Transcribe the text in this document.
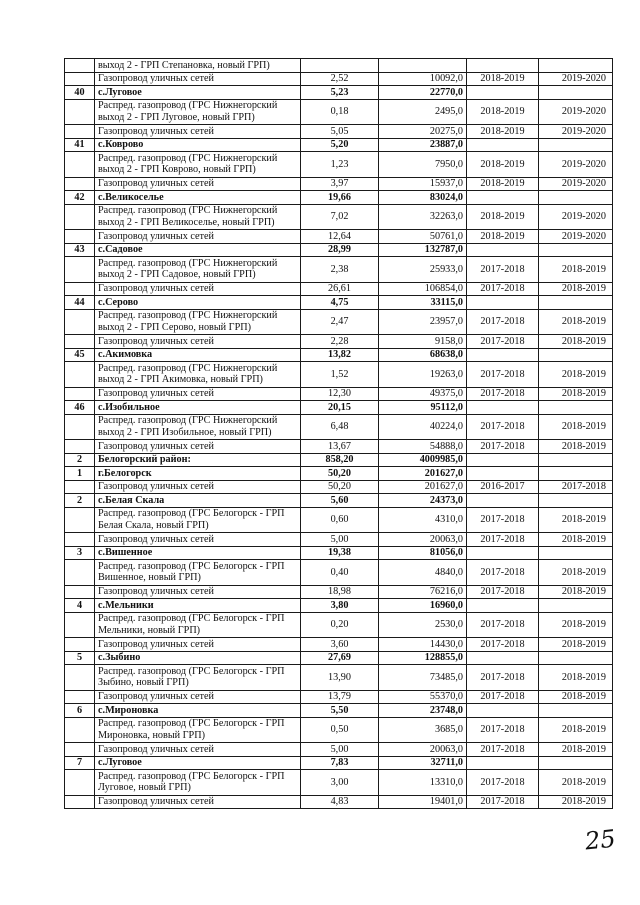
	выход 2 - ГРП Степановка, новый ГРП)				
	Газопровод уличных сетей	2,52	10092,0	2018-2019	2019-2020
40	с.Луговое	5,23	22770,0		
	Распред. газопровод (ГРС Нижнегорский выход 2 - ГРП Луговое, новый ГРП)	0,18	2495,0	2018-2019	2019-2020
	Газопровод уличных сетей	5,05	20275,0	2018-2019	2019-2020
41	с.Коврово	5,20	23887,0		
	Распред. газопровод (ГРС Нижнегорский выход 2 - ГРП Коврово, новый ГРП)	1,23	7950,0	2018-2019	2019-2020
	Газопровод уличных сетей	3,97	15937,0	2018-2019	2019-2020
42	с.Великоселье	19,66	83024,0		
	Распред. газопровод (ГРС Нижнегорский выход 2 - ГРП Великоселье, новый ГРП)	7,02	32263,0	2018-2019	2019-2020
	Газопровод уличных сетей	12,64	50761,0	2018-2019	2019-2020
43	с.Садовое	28,99	132787,0		
	Распред. газопровод (ГРС Нижнегорский выход 2 - ГРП Садовое, новый ГРП)	2,38	25933,0	2017-2018	2018-2019
	Газопровод уличных сетей	26,61	106854,0	2017-2018	2018-2019
44	с.Серово	4,75	33115,0		
	Распред. газопровод (ГРС Нижнегорский выход 2 - ГРП Серово, новый ГРП)	2,47	23957,0	2017-2018	2018-2019
	Газопровод уличных сетей	2,28	9158,0	2017-2018	2018-2019
45	с.Акимовка	13,82	68638,0		
	Распред. газопровод (ГРС Нижнегорский выход 2 - ГРП Акимовка, новый ГРП)	1,52	19263,0	2017-2018	2018-2019
	Газопровод уличных сетей	12,30	49375,0	2017-2018	2018-2019
46	с.Изобильное	20,15	95112,0		
	Распред. газопровод (ГРС Нижнегорский выход 2 - ГРП Изобильное, новый ГРП)	6,48	40224,0	2017-2018	2018-2019
	Газопровод уличных сетей	13,67	54888,0	2017-2018	2018-2019
2	Белогорский район:	858,20	4009985,0		
1	г.Белогорск	50,20	201627,0		
	Газопровод уличных сетей	50,20	201627,0	2016-2017	2017-2018
2	с.Белая Скала	5,60	24373,0		
	Распред. газопровод (ГРС Белогорск - ГРП Белая Скала, новый ГРП)	0,60	4310,0	2017-2018	2018-2019
	Газопровод уличных сетей	5,00	20063,0	2017-2018	2018-2019
3	с.Вишенное	19,38	81056,0		
	Распред. газопровод (ГРС Белогорск - ГРП Вишенное, новый ГРП)	0,40	4840,0	2017-2018	2018-2019
	Газопровод уличных сетей	18,98	76216,0	2017-2018	2018-2019
4	с.Мельники	3,80	16960,0		
	Распред. газопровод (ГРС Белогорск - ГРП Мельники, новый ГРП)	0,20	2530,0	2017-2018	2018-2019
	Газопровод уличных сетей	3,60	14430,0	2017-2018	2018-2019
5	с.Зыбино	27,69	128855,0		
	Распред. газопровод (ГРС Белогорск - ГРП Зыбино, новый ГРП)	13,90	73485,0	2017-2018	2018-2019
	Газопровод уличных сетей	13,79	55370,0	2017-2018	2018-2019
6	с.Мироновка	5,50	23748,0		
	Распред. газопровод (ГРС Белогорск - ГРП Мироновка, новый ГРП)	0,50	3685,0	2017-2018	2018-2019
	Газопровод уличных сетей	5,00	20063,0	2017-2018	2018-2019
7	с.Луговое	7,83	32711,0		
	Распред. газопровод (ГРС Белогорск - ГРП Луговое, новый ГРП)	3,00	13310,0	2017-2018	2018-2019
	Газопровод уличных сетей	4,83	19401,0	2017-2018	2018-2019
25
